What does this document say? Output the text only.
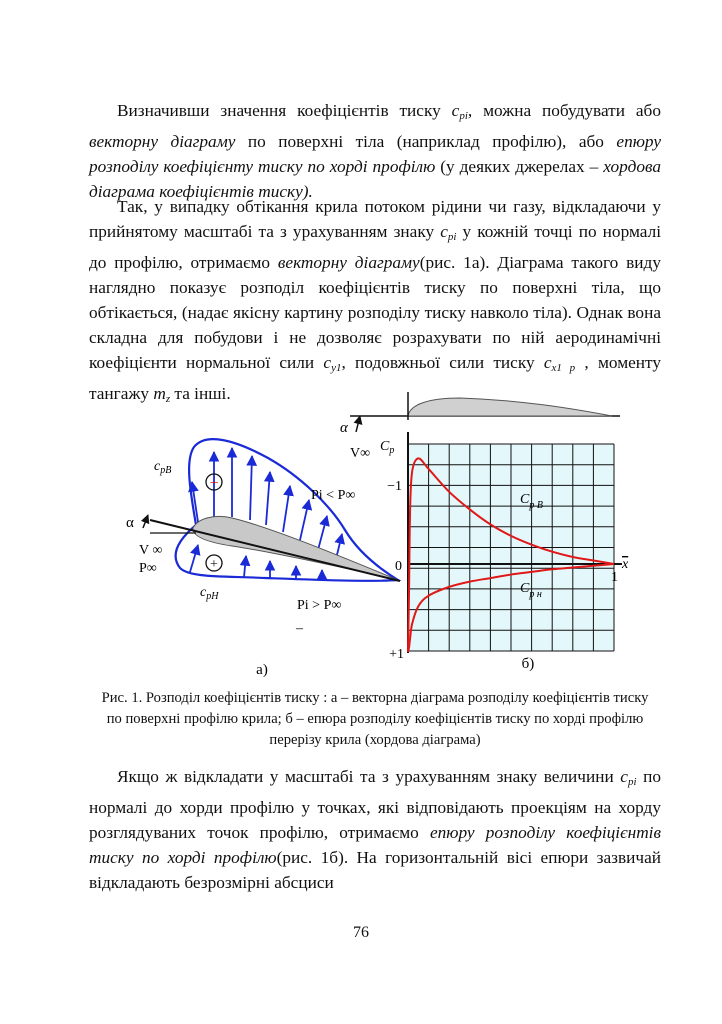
Визначивши значення коефіцієнтів тиску $c_{pi}$, можна побудувати або векторну діаграму по поверхні тіла (наприклад профілю), або епюру розподілу коефіцієнту тиску по хорді профілю (у деяких джерелах – хордова діаграма коефіцієнтів тиску).

Так, у випадку обтікання крила потоком рідини чи газу, відкладаючи у прийнятому масштабі та з урахуванням знаку $c_{pi}$ у кожній точці по нормалі до профілю, отримаємо векторну діаграму(рис. 1а). Діаграма такого виду наглядно показує розподіл коефіцієнтів тиску по поверхні тіла, що обтікається, (надає якісну картину розподілу тиску навколо тіла). Однак вона складна для побудови і не дозволяє розрахувати по ній аеродинамічні коефіцієнти нормальної сили $c_{y1}$, подовжньої сили тиску $c_{x1 p}$ , моменту тангажу $m_z$ та інші.

−
+
α
V ∞
P∞
$c_{pВ}$
$c_{pН}$
Pi < P∞
Pi > P∞
–
а)
α
V∞ $C_p$
−1
0
+1
1
x
$C_{p В}$
$C_{p н}$
б)

Рис. 1. Розподіл коефіцієнтів тиску : а – векторна діаграма розподілу коефіцієнтів тиску по поверхні профілю крила; б – епюра розподілу коефіцієнтів тиску по хорді профілю перерізу крила (хордова діаграма)

Якщо ж відкладати у масштабі та з урахуванням знаку величини $c_{pi}$ по нормалі до хорди профілю у точках, які відповідають проекціям на хорду розглядуваних точок профілю, отримаємо епюру розподілу коефіцієнтів тиску по хорді профілю(рис. 1б). На горизонтальній вісі епюри зазвичай відкладають безрозмірні абсциси

76
